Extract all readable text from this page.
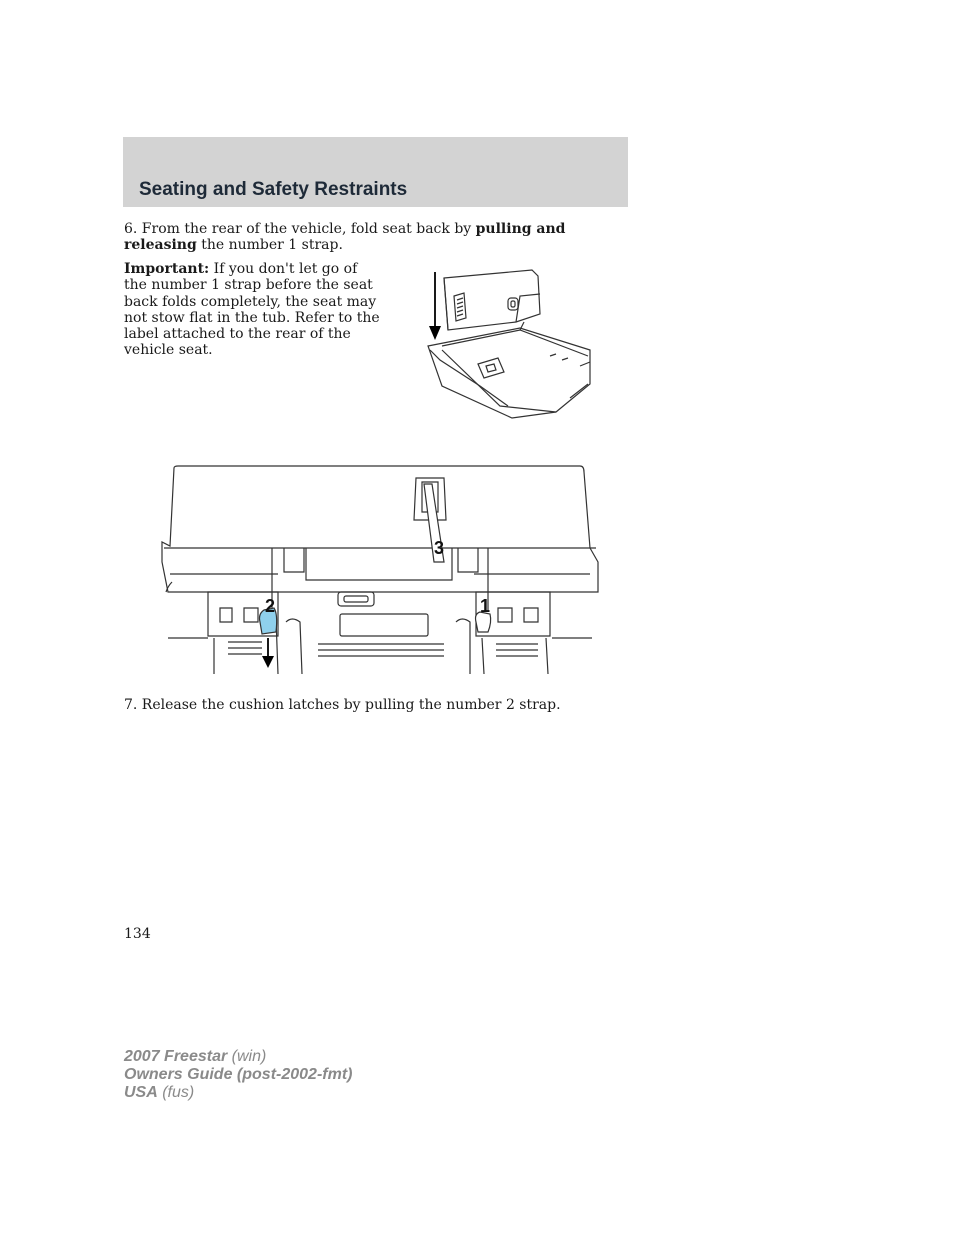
Seating and Safety Restraints

6. From the rear of the vehicle, fold seat back by pulling and releasing the number 1 strap.

Important: If you don't let go of the number 1 strap before the seat back folds completely, the seat may not stow flat in the tub. Refer to the label attached to the rear of the vehicle seat.

3
2	1

7. Release the cushion latches by pulling the number 2 strap.

134
2007 Freestar (win)
Owners Guide (post-2002-fmt)
USA (fus)
